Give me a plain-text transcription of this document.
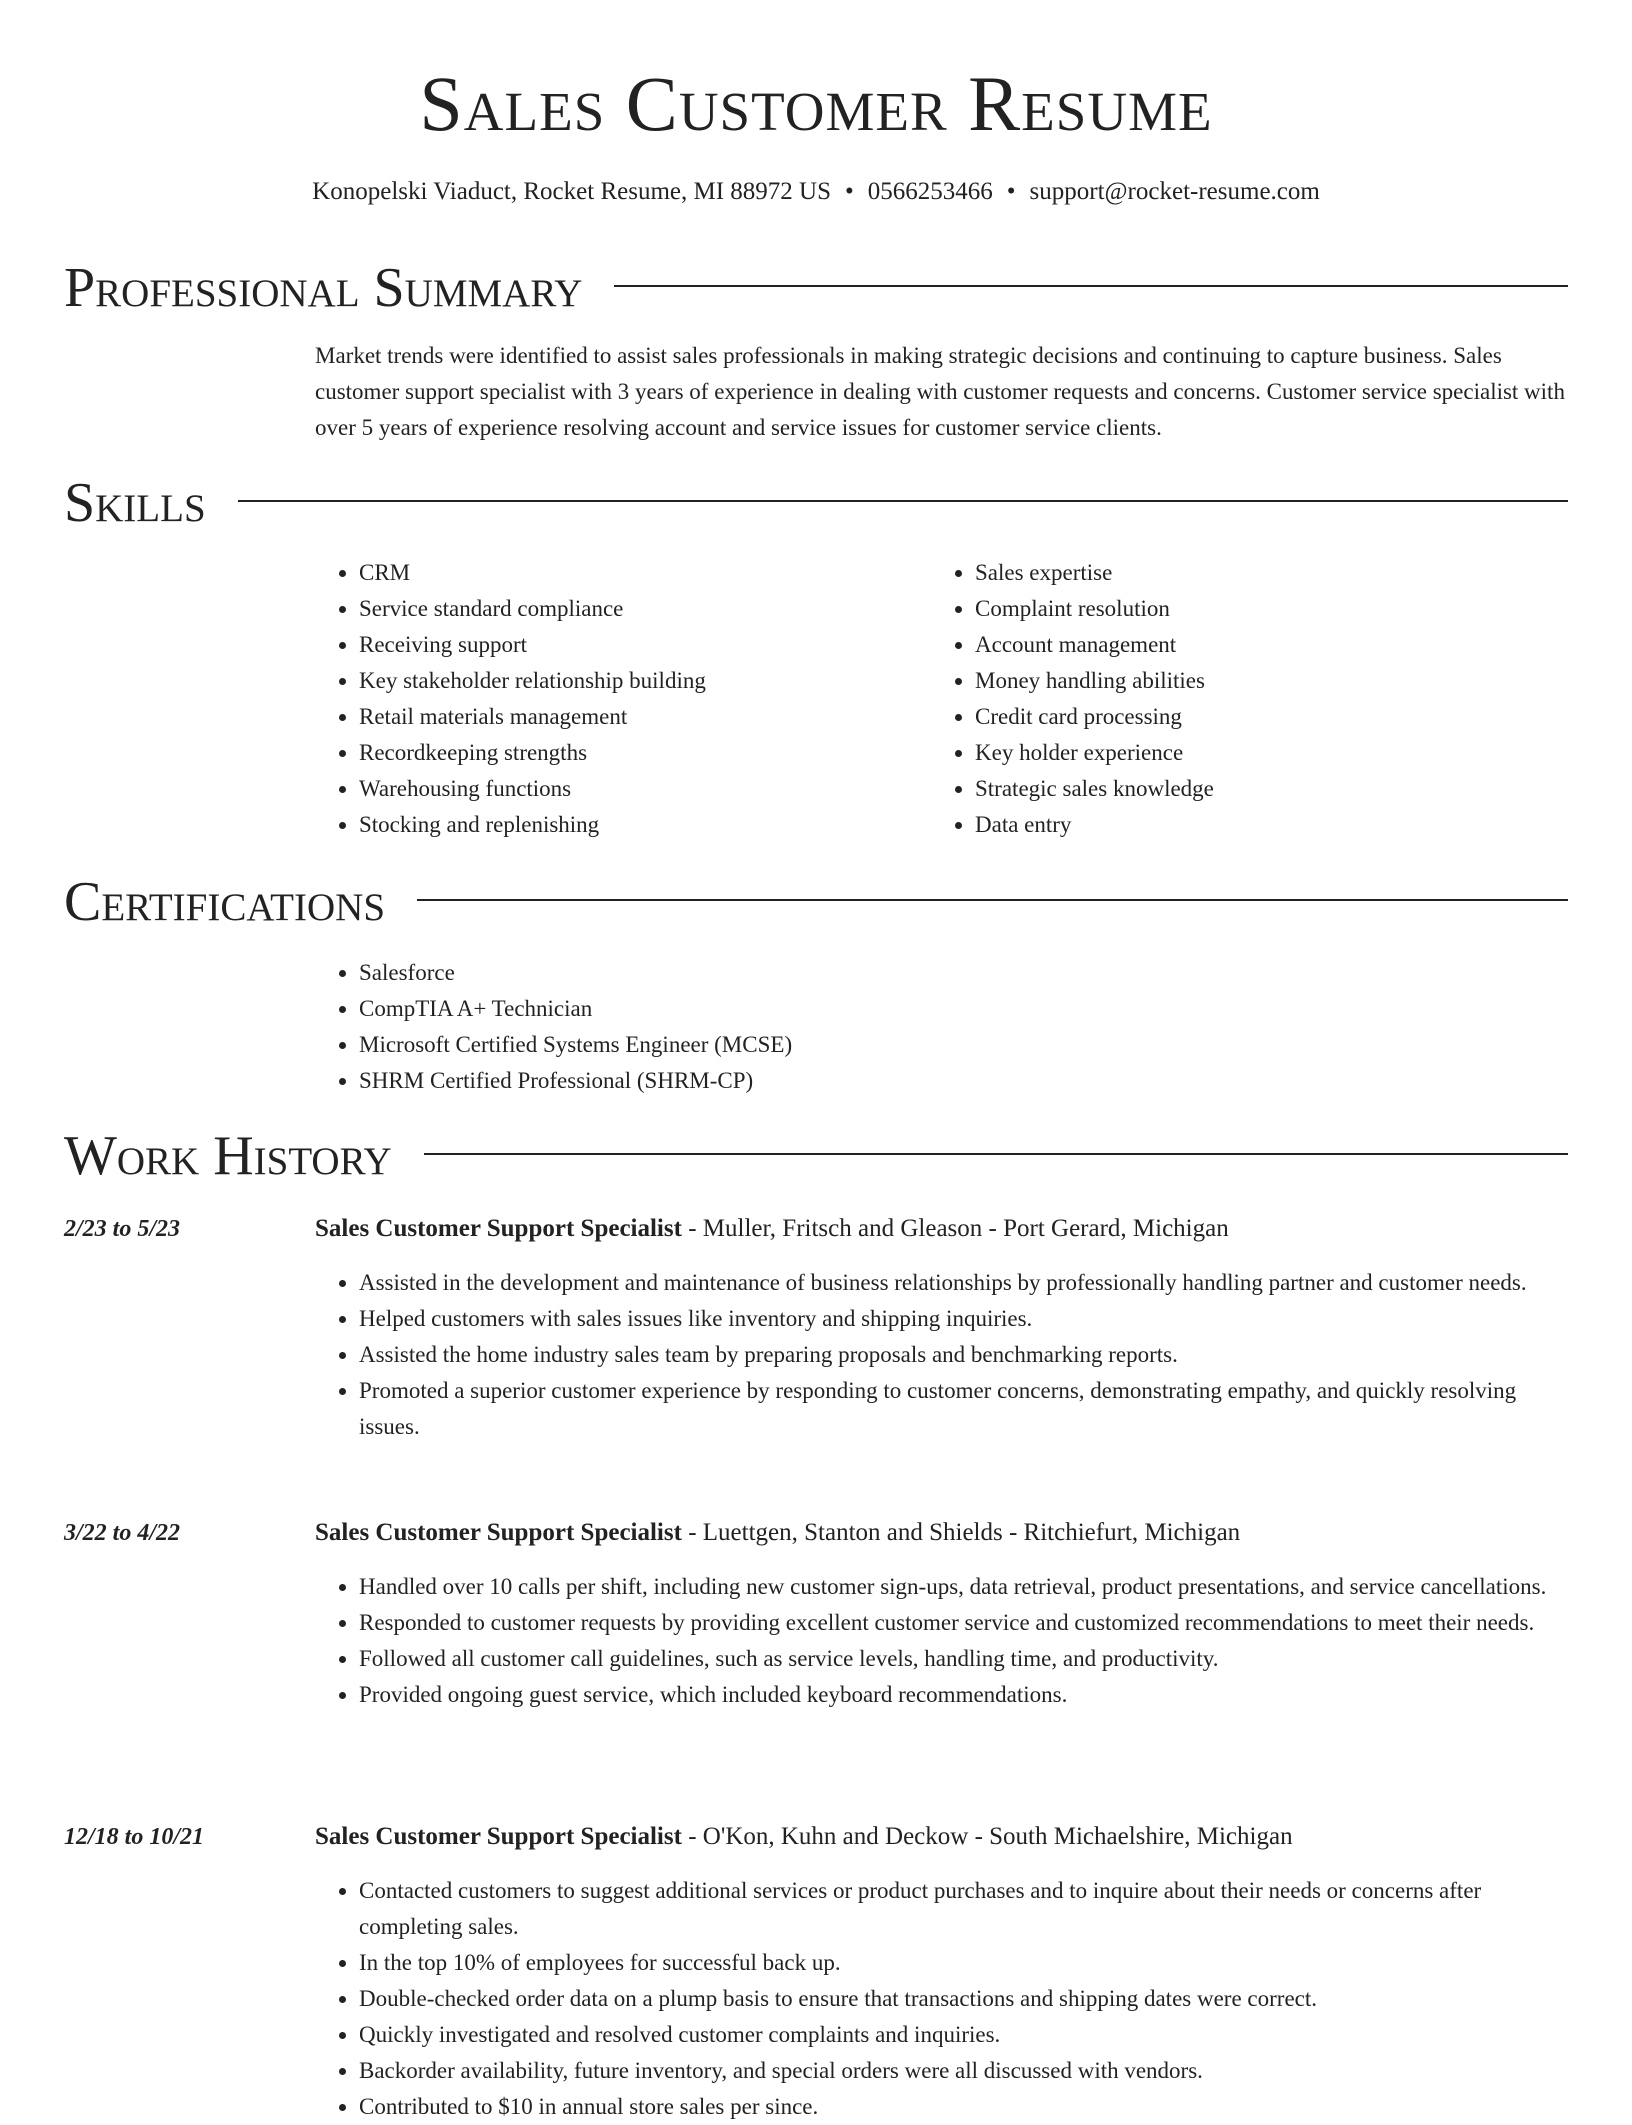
Sales Customer Resume
Konopelski Viaduct, Rocket Resume, MI 88972 US • 0566253466 • support@rocket-resume.com
Professional Summary

Market trends were identified to assist sales professionals in making strategic decisions and continuing to capture business. Sales customer support specialist with 3 years of experience in dealing with customer requests and concerns. Customer service specialist with over 5 years of experience resolving account and service issues for customer service clients.

Skills
• CRM
• Service standard compliance
• Receiving support
• Key stakeholder relationship building
• Retail materials management
• Recordkeeping strengths
• Warehousing functions
• Stocking and replenishing
• Sales expertise
• Complaint resolution
• Account management
• Money handling abilities
• Credit card processing
• Key holder experience
• Strategic sales knowledge
• Data entry
Certifications
• Salesforce
• CompTIA A+ Technician
• Microsoft Certified Systems Engineer (MCSE)
• SHRM Certified Professional (SHRM-CP)
Work History
2/23 to 5/23	Sales Customer Support Specialist - Muller, Fritsch and Gleason - Port Gerard, Michigan
• Assisted in the development and maintenance of business relationships by professionally handling partner and customer needs.
• Helped customers with sales issues like inventory and shipping inquiries.
• Assisted the home industry sales team by preparing proposals and benchmarking reports.
• Promoted a superior customer experience by responding to customer concerns, demonstrating empathy, and quickly resolving issues.
3/22 to 4/22	Sales Customer Support Specialist - Luettgen, Stanton and Shields - Ritchiefurt, Michigan
• Handled over 10 calls per shift, including new customer sign-ups, data retrieval, product presentations, and service cancellations.
• Responded to customer requests by providing excellent customer service and customized recommendations to meet their needs.
• Followed all customer call guidelines, such as service levels, handling time, and productivity.
• Provided ongoing guest service, which included keyboard recommendations.
12/18 to 10/21	Sales Customer Support Specialist - O'Kon, Kuhn and Deckow - South Michaelshire, Michigan
• Contacted customers to suggest additional services or product purchases and to inquire about their needs or concerns after completing sales.
• In the top 10% of employees for successful back up.
• Double-checked order data on a plump basis to ensure that transactions and shipping dates were correct.
• Quickly investigated and resolved customer complaints and inquiries.
• Backorder availability, future inventory, and special orders were all discussed with vendors.
• Contributed to $10 in annual store sales per since.
